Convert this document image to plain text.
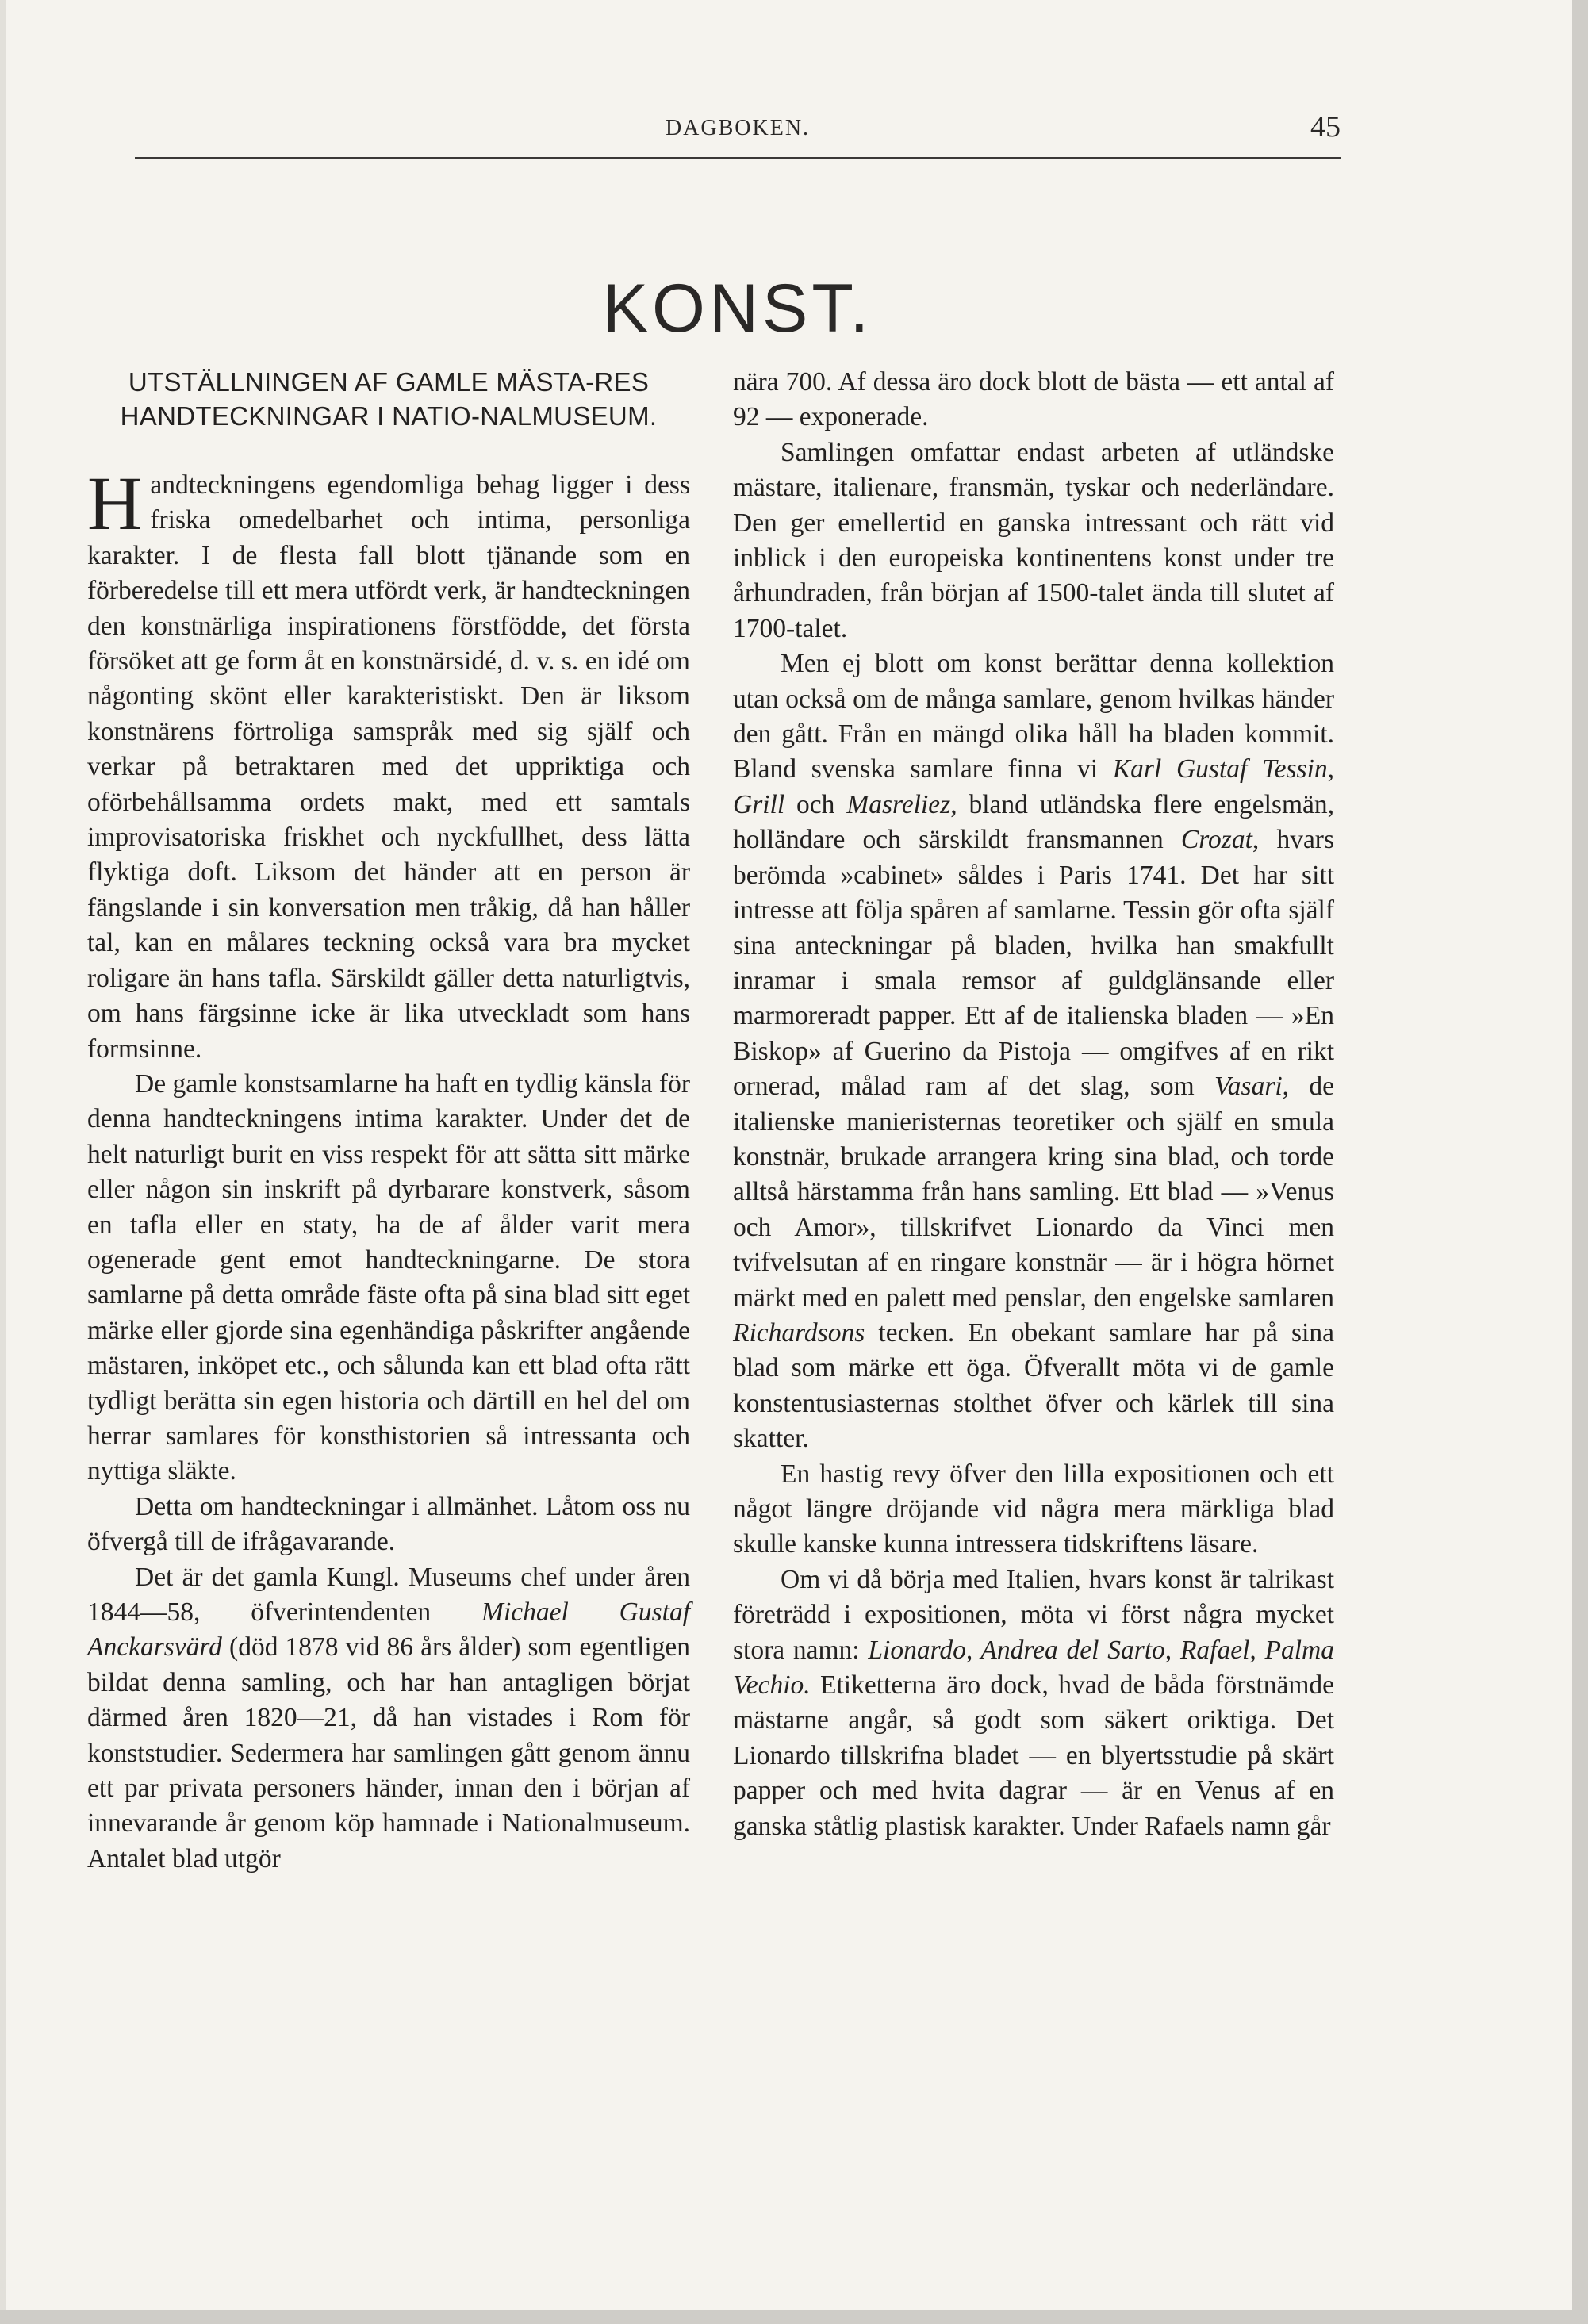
DAGBOKEN.	45
KONST.
UTSTÄLLNINGEN AF GAMLE MÄSTA-RES HANDTECKNINGAR I NATIO-NALMUSEUM.

Handteckningens egendomliga behag ligger i dess friska omedelbarhet och intima, personliga karakter. I de flesta fall blott tjänande som en förberedelse till ett mera utfördt verk, är handteckningen den konstnärliga inspirationens förstfödde, det första försöket att ge form åt en konstnärsidé, d. v. s. en idé om någonting skönt eller karakteristiskt. Den är liksom konstnärens förtroliga samspråk med sig själf och verkar på betraktaren med det uppriktiga och oförbehållsamma ordets makt, med ett samtals improvisatoriska friskhet och nyckfullhet, dess lätta flyktiga doft. Liksom det händer att en person är fängslande i sin konversation men tråkig, då han håller tal, kan en målares teckning också vara bra mycket roligare än hans tafla. Särskildt gäller detta naturligtvis, om hans färgsinne icke är lika utveckladt som hans formsinne.

De gamle konstsamlarne ha haft en tydlig känsla för denna handteckningens intima karakter. Under det de helt naturligt burit en viss respekt för att sätta sitt märke eller någon sin inskrift på dyrbarare konstverk, såsom en tafla eller en staty, ha de af ålder varit mera ogenerade gent emot handteckningarne. De stora samlarne på detta område fäste ofta på sina blad sitt eget märke eller gjorde sina egenhändiga påskrifter angående mästaren, inköpet etc., och sålunda kan ett blad ofta rätt tydligt berätta sin egen historia och därtill en hel del om herrar samlares för konsthistorien så intressanta och nyttiga släkte.

Detta om handteckningar i allmänhet. Låtom oss nu öfvergå till de ifrågavarande.

Det är det gamla Kungl. Museums chef under åren 1844—58, öfverintendenten Michael Gustaf Anckarsvärd (död 1878 vid 86 års ålder) som egentligen bildat denna samling, och har han antagligen börjat därmed åren 1820—21, då han vistades i Rom för konststudier. Sedermera har samlingen gått genom ännu ett par privata personers händer, innan den i början af innevarande år genom köp hamnade i Nationalmuseum. Antalet blad utgör

nära 700. Af dessa äro dock blott de bästa — ett antal af 92 — exponerade.

Samlingen omfattar endast arbeten af utländske mästare, italienare, fransmän, tyskar och nederländare. Den ger emellertid en ganska intressant och rätt vid inblick i den europeiska kontinentens konst under tre århundraden, från början af 1500-talet ända till slutet af 1700-talet.

Men ej blott om konst berättar denna kollektion utan också om de många samlare, genom hvilkas händer den gått. Från en mängd olika håll ha bladen kommit. Bland svenska samlare finna vi Karl Gustaf Tessin, Grill och Masreliez, bland utländska flere engelsmän, holländare och särskildt fransmannen Crozat, hvars berömda »cabinet» såldes i Paris 1741. Det har sitt intresse att följa spåren af samlarne. Tessin gör ofta själf sina anteckningar på bladen, hvilka han smakfullt inramar i smala remsor af guldglänsande eller marmoreradt papper. Ett af de italienska bladen — »En Biskop» af Guerino da Pistoja — omgifves af en rikt ornerad, målad ram af det slag, som Vasari, de italienske manieristernas teoretiker och själf en smula konstnär, brukade arrangera kring sina blad, och torde alltså härstamma från hans samling. Ett blad — »Venus och Amor», tillskrifvet Lionardo da Vinci men tvifvelsutan af en ringare konstnär — är i högra hörnet märkt med en palett med penslar, den engelske samlaren Richardsons tecken. En obekant samlare har på sina blad som märke ett öga. Öfverallt möta vi de gamle konstentusiasternas stolthet öfver och kärlek till sina skatter.

En hastig revy öfver den lilla expositionen och ett något längre dröjande vid några mera märkliga blad skulle kanske kunna intressera tidskriftens läsare.

Om vi då börja med Italien, hvars konst är talrikast företrädd i expositionen, möta vi först några mycket stora namn: Lionardo, Andrea del Sarto, Rafael, Palma Vechio. Etiketterna äro dock, hvad de båda förstnämde mästarne angår, så godt som säkert oriktiga. Det Lionardo tillskrifna bladet — en blyertsstudie på skärt papper och med hvita dagrar — är en Venus af en ganska ståtlig plastisk karakter. Under Rafaels namn går
